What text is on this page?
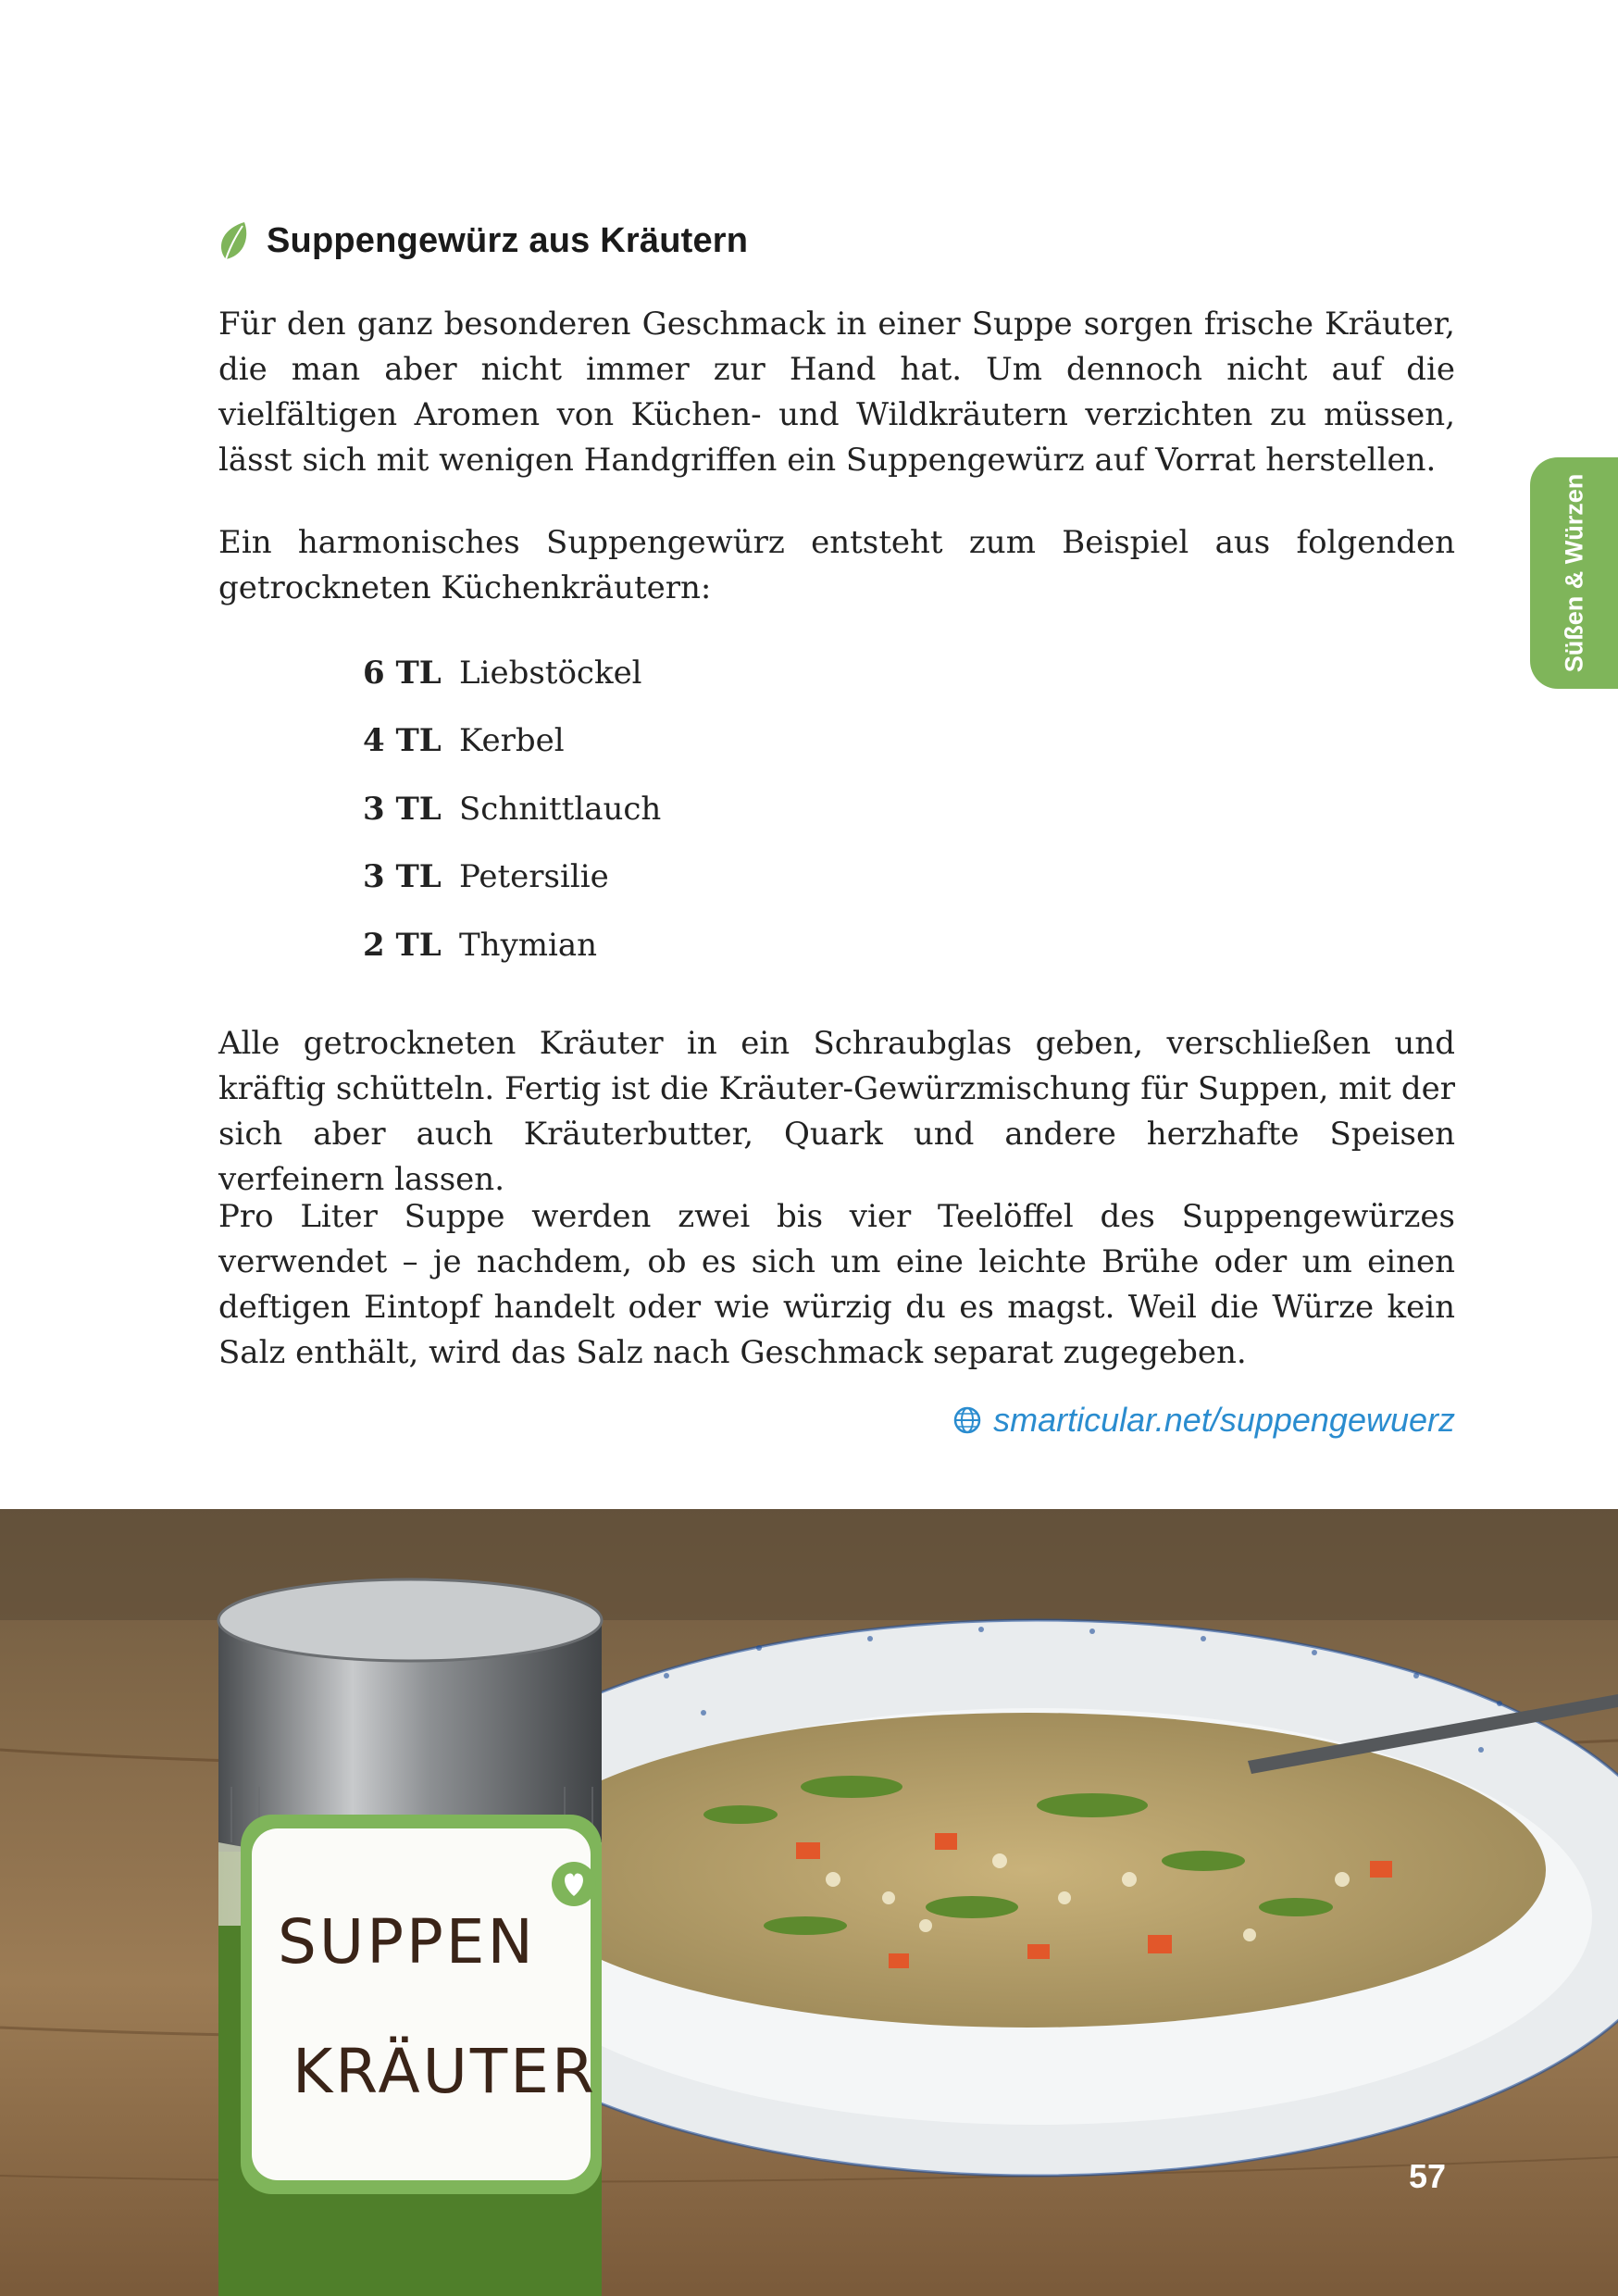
Suppengewürz aus Kräutern

Für den ganz besonderen Geschmack in einer Suppe sorgen frische Kräuter, die man aber nicht immer zur Hand hat. Um dennoch nicht auf die vielfältigen Aromen von Küchen- und Wildkräutern verzichten zu müssen, lässt sich mit wenigen Handgriffen ein Suppengewürz auf Vorrat herstellen.

Ein harmonisches Suppengewürz entsteht zum Beispiel aus folgenden getrockneten Küchenkräutern:

6 TL Liebstöckel
4 TL Kerbel
3 TL Schnittlauch
3 TL Petersilie
2 TL Thymian

Alle getrockneten Kräuter in ein Schraubglas geben, verschließen und kräftig schütteln. Fertig ist die Kräuter-Gewürzmischung für Suppen, mit der sich aber auch Kräuterbutter, Quark und andere herzhafte Speisen verfeinern lassen.

Pro Liter Suppe werden zwei bis vier Teelöffel des Suppengewürzes verwendet – je nachdem, ob es sich um eine leichte Brühe oder um einen deftigen Eintopf handelt oder wie würzig du es magst. Weil die Würze kein Salz enthält, wird das Salz nach Geschmack separat zugegeben.

smarticular.net/suppengewuerz
Süßen & Würzen
SUPPEN
KRÄUTER
57
